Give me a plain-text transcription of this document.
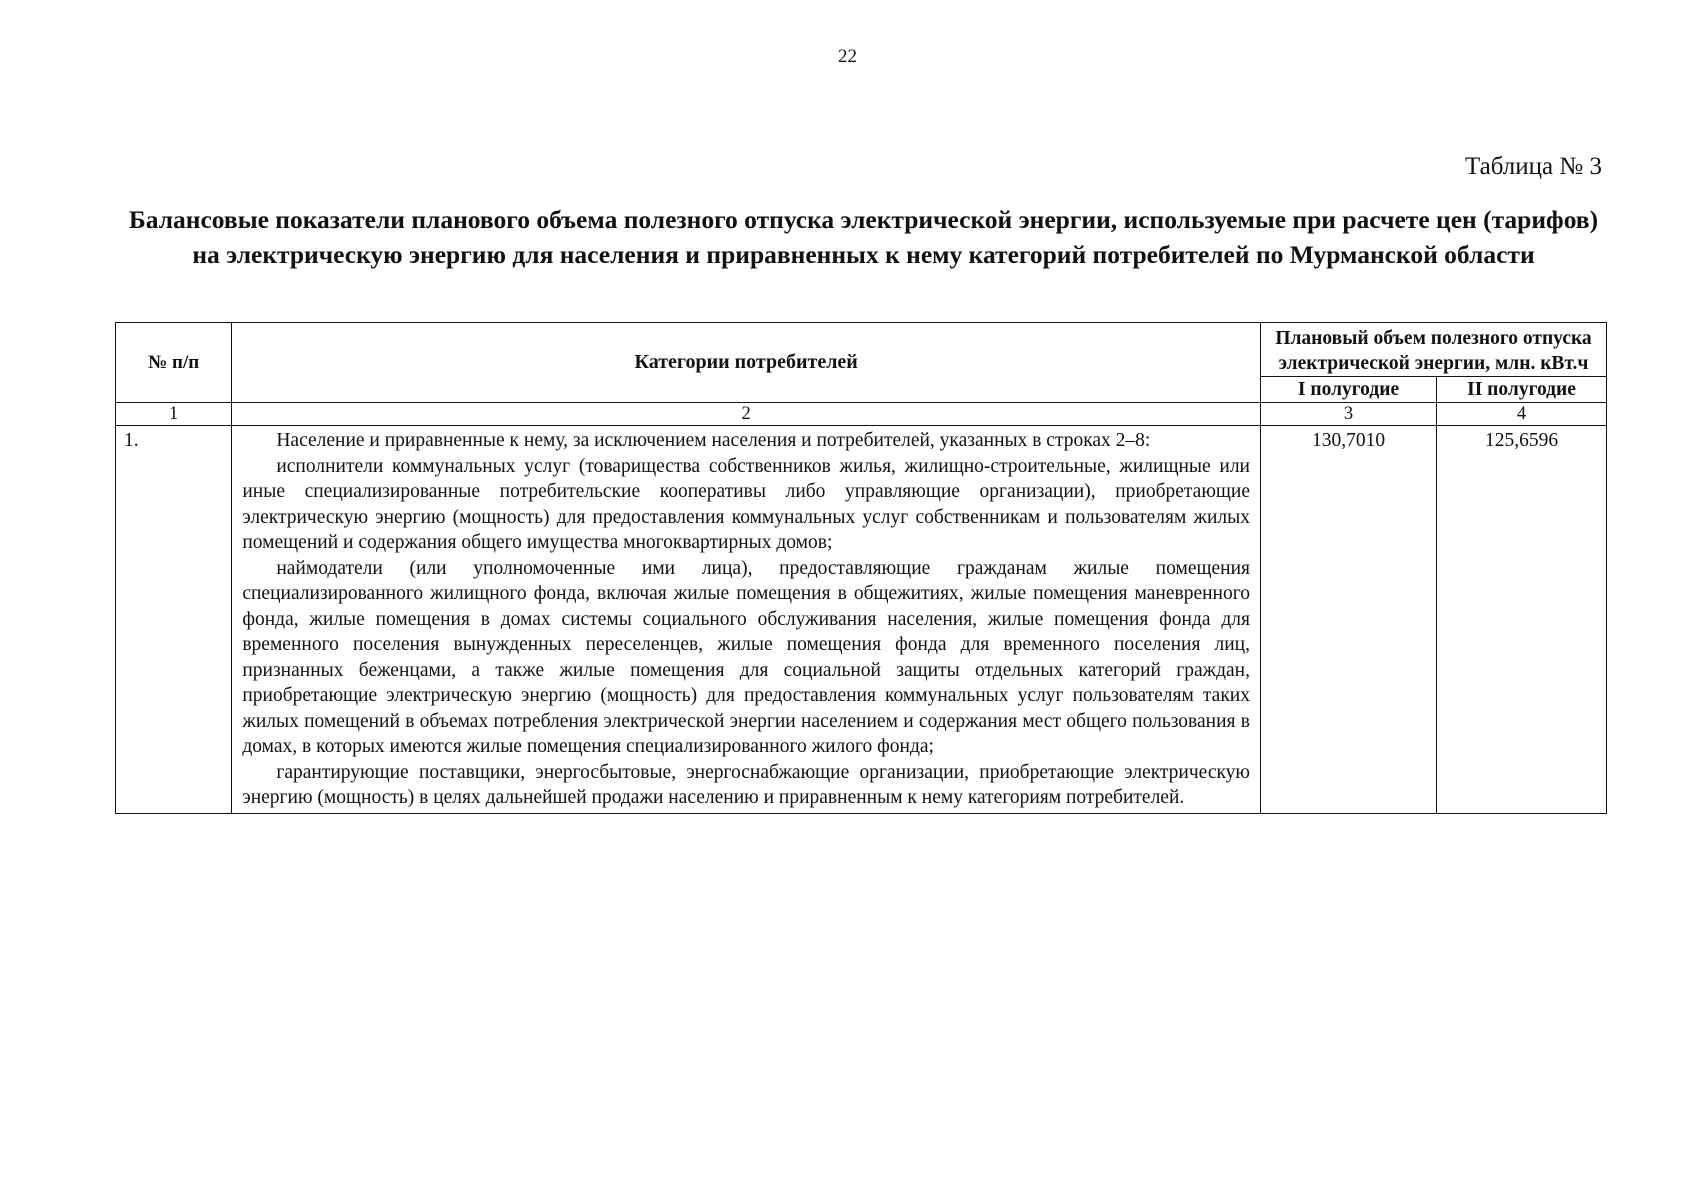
22
Таблица № 3
Балансовые показатели планового объема полезного отпуска электрической энергии, используемые при расчете цен (тарифов) на электрическую энергию для населения и приравненных к нему категорий потребителей по Мурманской области
№ п/п	Категории потребителей	Плановый объем полезного отпуска электрической энергии, млн. кВт.ч	
		I полугодие	II полугодие
1	2	3	4
1.	Население и приравненные к нему, за исключением населения и потребителей, указанных в строках 2–8:

исполнители коммунальных услуг (товарищества собственников жилья, жилищно-строительные, жилищные или иные специализированные потребительские кооперативы либо управляющие организации), приобретающие электрическую энергию (мощность) для предоставления коммунальных услуг собственникам и пользователям жилых помещений и содержания общего имущества многоквартирных домов;

наймодатели (или уполномоченные ими лица), предоставляющие гражданам жилые помещения специализированного жилищного фонда, включая жилые помещения в общежитиях, жилые помещения маневренного фонда, жилые помещения в домах системы социального обслуживания населения, жилые помещения фонда для временного поселения вынужденных переселенцев, жилые помещения фонда для временного поселения лиц, признанных беженцами, а также жилые помещения для социальной защиты отдельных категорий граждан, приобретающие электрическую энергию (мощность) для предоставления коммунальных услуг пользователям таких жилых помещений в объемах потребления электрической энергии населением и содержания мест общего пользования в домах, в которых имеются жилые помещения специализированного жилого фонда;

гарантирующие поставщики, энергосбытовые, энергоснабжающие организации, приобретающие электрическую энергию (мощность) в целях дальнейшей продажи населению и приравненным к нему категориям потребителей.	130,7010	125,6596
